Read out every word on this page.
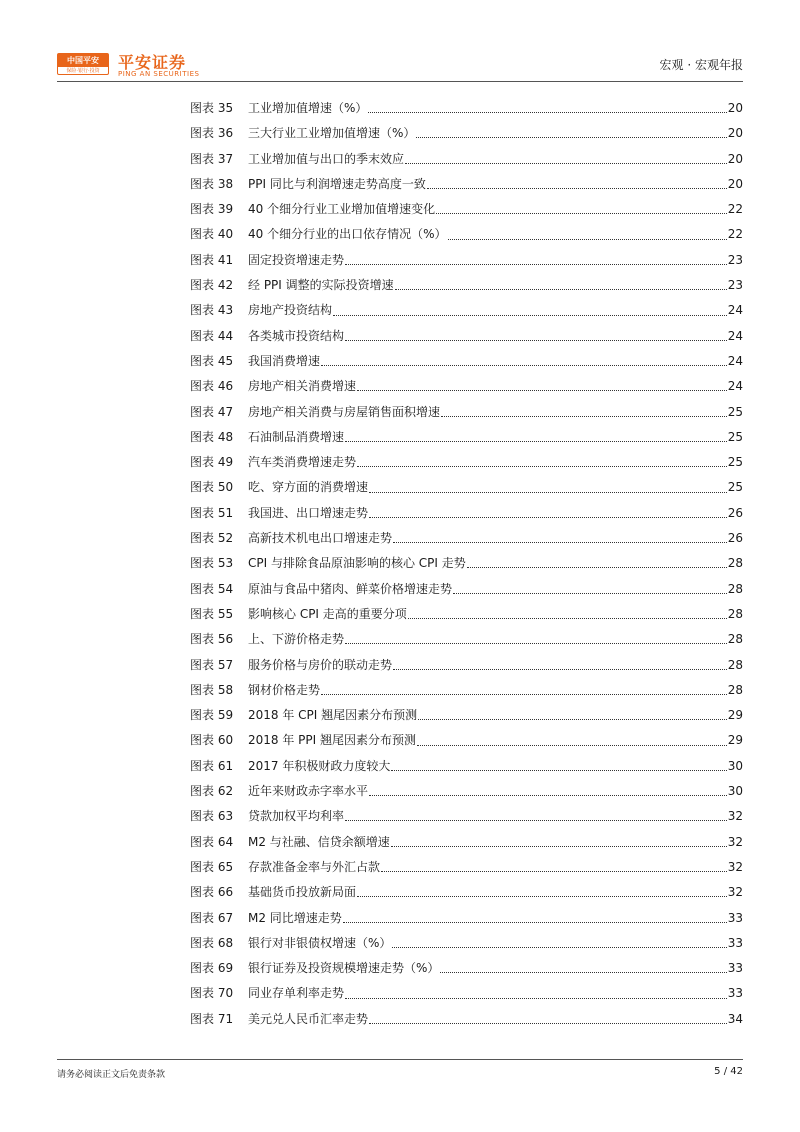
中国平安
保险·银行·投资	平安证券
PING AN SECURITIES
宏观 · 宏观年报
图表 35	工业增加值增速（%）	20
图表 36	三大行业工业增加值增速（%）	20
图表 37	工业增加值与出口的季末效应	20
图表 38	PPI 同比与利润增速走势高度一致	20
图表 39	40 个细分行业工业增加值增速变化	22
图表 40	40 个细分行业的出口依存情况（%）	22
图表 41	固定投资增速走势	23
图表 42	经 PPI 调整的实际投资增速	23
图表 43	房地产投资结构	24
图表 44	各类城市投资结构	24
图表 45	我国消费增速	24
图表 46	房地产相关消费增速	24
图表 47	房地产相关消费与房屋销售面积增速	25
图表 48	石油制品消费增速	25
图表 49	汽车类消费增速走势	25
图表 50	吃、穿方面的消费增速	25
图表 51	我国进、出口增速走势	26
图表 52	高新技术机电出口增速走势	26
图表 53	CPI 与排除食品原油影响的核心 CPI 走势	28
图表 54	原油与食品中猪肉、鲜菜价格增速走势	28
图表 55	影响核心 CPI 走高的重要分项	28
图表 56	上、下游价格走势	28
图表 57	服务价格与房价的联动走势	28
图表 58	钢材价格走势	28
图表 59	2018 年 CPI 翘尾因素分布预测	29
图表 60	2018 年 PPI 翘尾因素分布预测	29
图表 61	2017 年积极财政力度较大	30
图表 62	近年来财政赤字率水平	30
图表 63	贷款加权平均利率	32
图表 64	M2 与社融、信贷余额增速	32
图表 65	存款准备金率与外汇占款	32
图表 66	基础货币投放新局面	32
图表 67	M2 同比增速走势	33
图表 68	银行对非银债权增速（%）	33
图表 69	银行证券及投资规模增速走势（%）	33
图表 70	同业存单利率走势	33
图表 71	美元兑人民币汇率走势	34
请务必阅读正文后免责条款	5 / 42
